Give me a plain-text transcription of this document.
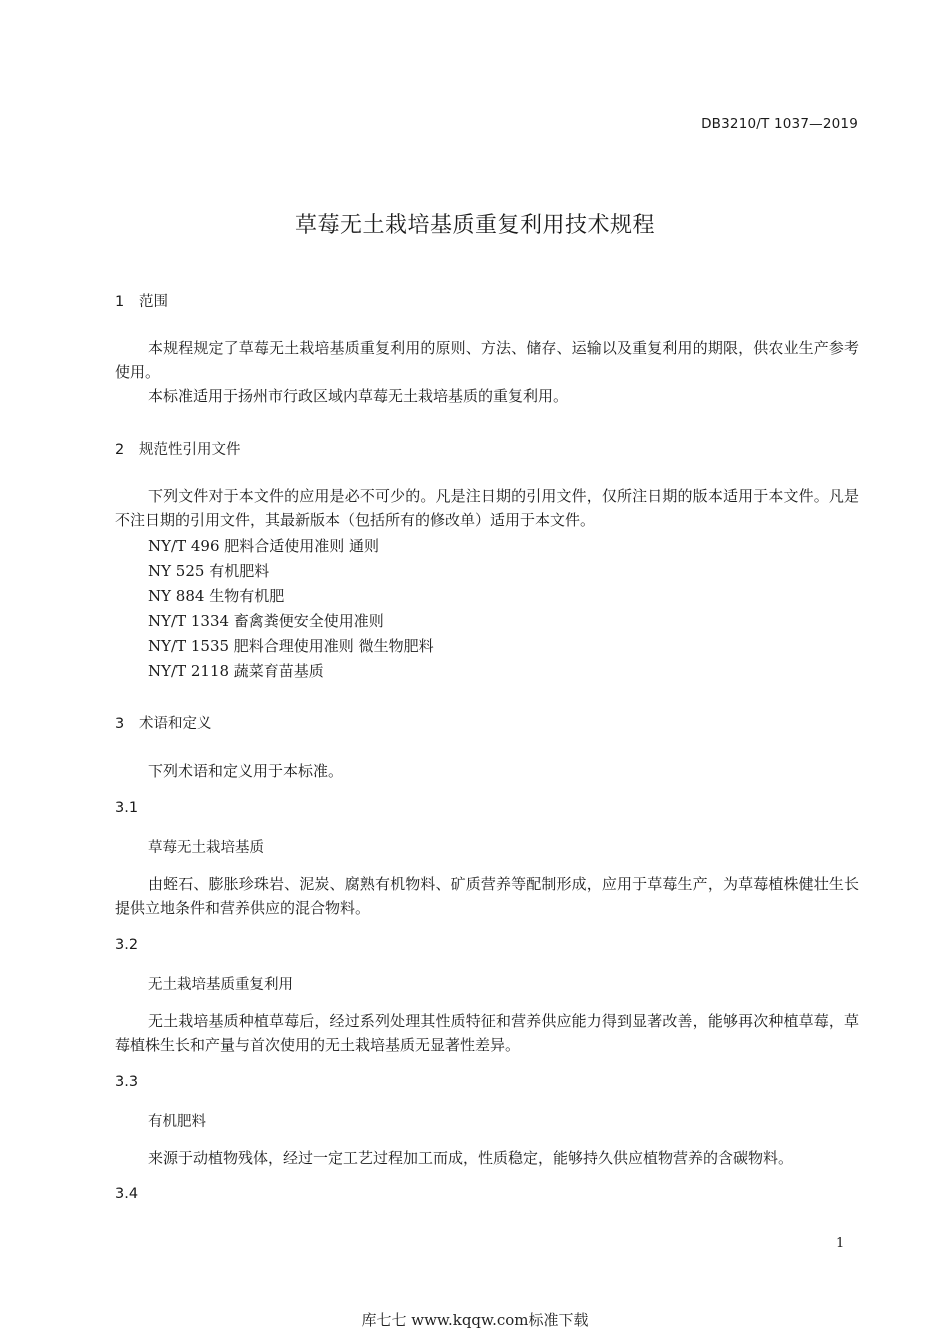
DB3210/T 1037—2019
草莓无土栽培基质重复利用技术规程
1 范围

本规程规定了草莓无土栽培基质重复利用的原则、方法、储存、运输以及重复利用的期限，供农业生产参考使用。

本标准适用于扬州市行政区域内草莓无土栽培基质的重复利用。

2 规范性引用文件

下列文件对于本文件的应用是必不可少的。凡是注日期的引用文件，仅所注日期的版本适用于本文件。凡是不注日期的引用文件，其最新版本（包括所有的修改单）适用于本文件。

NY/T 496 肥料合适使用准则 通则
NY 525 有机肥料
NY 884 生物有机肥
NY/T 1334 畜禽粪便安全使用准则
NY/T 1535 肥料合理使用准则 微生物肥料
NY/T 2118 蔬菜育苗基质
3 术语和定义
下列术语和定义用于本标准。
3.1
草莓无土栽培基质

由蛭石、膨胀珍珠岩、泥炭、腐熟有机物料、矿质营养等配制形成，应用于草莓生产，为草莓植株健壮生长提供立地条件和营养供应的混合物料。

3.2
无土栽培基质重复利用

无土栽培基质种植草莓后，经过系列处理其性质特征和营养供应能力得到显著改善，能够再次种植草莓，草莓植株生长和产量与首次使用的无土栽培基质无显著性差异。

3.3
有机肥料

来源于动植物残体，经过一定工艺过程加工而成，性质稳定，能够持久供应植物营养的含碳物料。

3.4
1
库七七 www.kqqw.com标准下载
